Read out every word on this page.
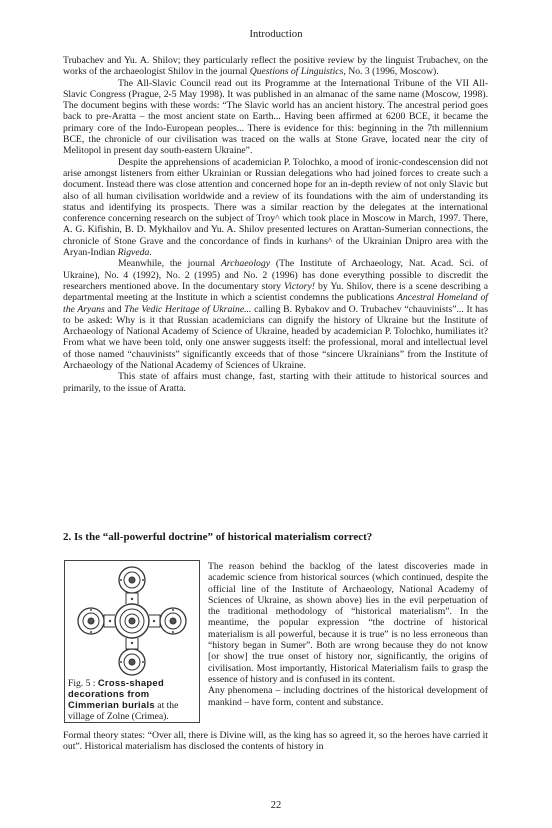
Introduction

Trubachev and Yu. A. Shilov; they particularly reflect the positive review by the linguist Trubachev, on the works of the archaeologist Shilov in the journal Questions of Linguistics, No. 3 (1996, Moscow).

The All-Slavic Council read out its Programme at the International Tribune of the VII All-Slavic Congress (Prague, 2-5 May 1998). It was published in an almanac of the same name (Moscow, 1998). The document begins with these words: “The Slavic world has an ancient history. The ancestral period goes back to pre-Aratta – the most ancient state on Earth... Having been affirmed at 6200 BCE, it became the primary core of the Indo-European peoples... There is evidence for this: beginning in the 7th millennium BCE, the chronicle of our civilisation was traced on the walls at Stone Grave, located near the city of Melitopol in present day south-eastern Ukraine”.

Despite the apprehensions of academician P. Tolochko, a mood of ironic-condescension did not arise amongst listeners from either Ukrainian or Russian delegations who had joined forces to create such a document. Instead there was close attention and concerned hope for an in-depth review of not only Slavic but also of all human civilisation worldwide and a review of its foundations with the aim of understanding its status and identifying its prospects. There was a similar reaction by the delegates at the international conference concerning research on the subject of Troy^ which took place in Moscow in March, 1997. There, A. G. Kifishin, B. D. Mykhailov and Yu. A. Shilov presented lectures on Arattan-Sumerian connections, the chronicle of Stone Grave and the concordance of finds in kurhans^ of the Ukrainian Dnipro area with the Aryan-Indian Rigveda.

Meanwhile, the journal Archaeology (The Institute of Archaeology, Nat. Acad. Sci. of Ukraine), No. 4 (1992), No. 2 (1995) and No. 2 (1996) has done everything possible to discredit the researchers mentioned above. In the documentary story Victory! by Yu. Shilov, there is a scene describing a departmental meeting at the Institute in which a scientist condemns the publications Ancestral Homeland of the Aryans and The Vedic Heritage of Ukraine... calling B. Rybakov and O. Trubachev “chauvinists”... It has to be asked: Why is it that Russian academicians can dignify the history of Ukraine but the Institute of Archaeology of National Academy of Science of Ukraine, headed by academician P. Tolochko, humiliates it? From what we have been told, only one answer suggests itself: the professional, moral and intellectual level of those named “chauvinists” significantly exceeds that of those “sincere Ukrainians” from the Institute of Archaeology of the National Academy of Sciences of Ukraine.

This state of affairs must change, fast, starting with their attitude to historical sources and primarily, to the issue of Aratta.

2. Is the “all-powerful doctrine” of historical materialism correct?
Fig. 5 : Cross-shaped decorations from Cimmerian burials at the village of Zolne (Crimea).

The reason behind the backlog of the latest discoveries made in academic science from historical sources (which continued, despite the official line of the Institute of Archaeology, National Academy of Sciences of Ukraine, as shown above) lies in the evil perpetuation of the traditional methodology of “historical materialism”. In the meantime, the popular expression “the doctrine of historical materialism is all powerful, because it is true” is no less erroneous than “history began in Sumer”. Both are wrong because they do not know [or show] the true onset of history nor, significantly, the origins of civilisation. Most importantly, Historical Materialism fails to grasp the essence of history and is confused in its content.

Any phenomena – including doctrines of the historical development of mankind – have form, content and substance.

Formal theory states: “Over all, there is Divine will, as the king has so agreed it, so the heroes have carried it out”. Historical materialism has disclosed the contents of history in

22
